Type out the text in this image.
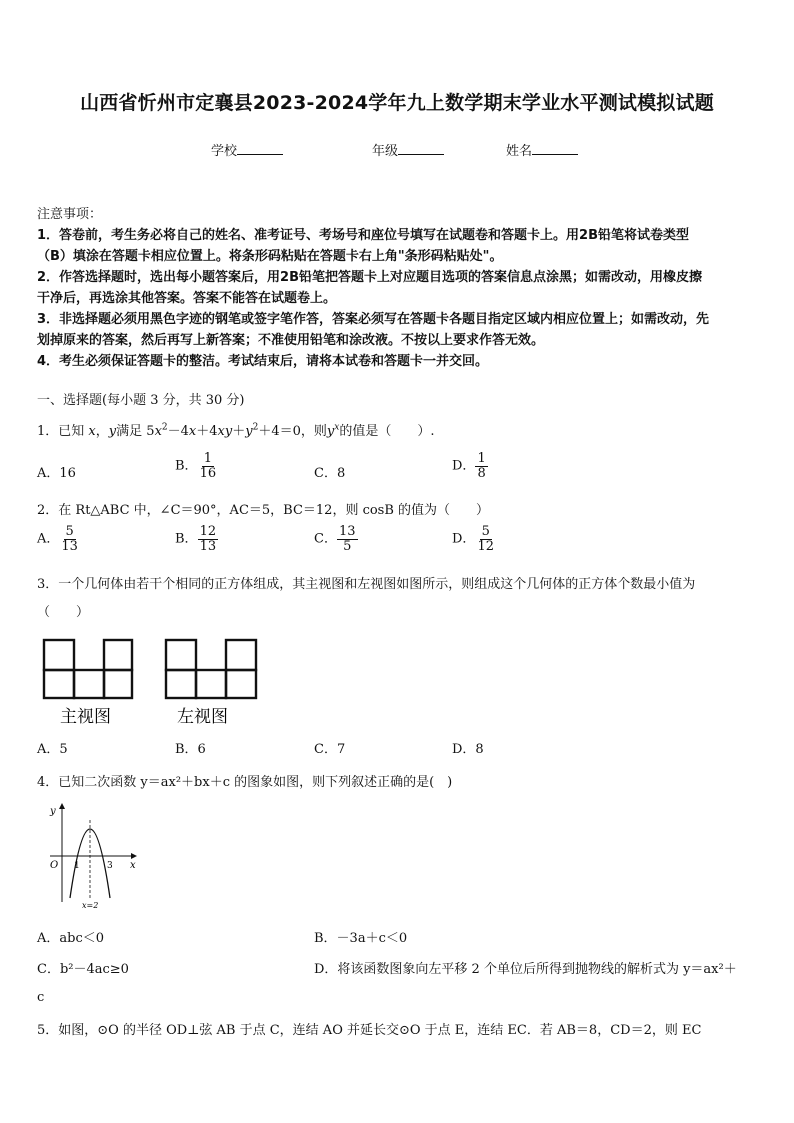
山西省忻州市定襄县2023-2024学年九上数学期末学业水平测试模拟试题
学校	年级	姓名
注意事项：
1．答卷前，考生务必将自己的姓名、准考证号、考场号和座位号填写在试题卷和答题卡上。用2B铅笔将试卷类型
（B）填涂在答题卡相应位置上。将条形码粘贴在答题卡右上角"条形码粘贴处"。
2．作答选择题时，选出每小题答案后，用2B铅笔把答题卡上对应题目选项的答案信息点涂黑；如需改动，用橡皮擦
干净后，再选涂其他答案。答案不能答在试题卷上。
3．非选择题必须用黑色字迹的钢笔或签字笔作答，答案必须写在答题卡各题目指定区域内相应位置上；如需改动，先
划掉原来的答案，然后再写上新答案；不准使用铅笔和涂改液。不按以上要求作答无效。
4．考生必须保证答题卡的整洁。考试结束后，请将本试卷和答题卡一并交回。
一、选择题(每小题 3 分，共 30 分)
1．已知 x，y满足 $5x^2-4x+4xy+y^2+4=0$，则$y^x$的值是（　　）.
A．16	B． $\frac{1}{16}$	C．8	D． $\frac{1}{8}$
2．在 Rt△ABC 中，∠C＝90°，AC＝5，BC＝12，则 cosB 的值为（　　）
A． $\frac{5}{13}$	B． $\frac{12}{13}$	C． $\frac{13}{5}$	D． $\frac{5}{12}$
3．一个几何体由若干个相同的正方体组成，其主视图和左视图如图所示，则组成这个几何体的正方体个数最小值为
（　　）
主视图	左视图
A．5	B．6	C．7	D．8
4．已知二次函数 y＝ax²＋bx＋c 的图象如图，则下列叙述正确的是(　)
y
x
O 1	3
x=2
A．abc＜0	B．－3a＋c＜0
C．b²－4ac≥0	D．将该函数图象向左平移 2 个单位后所得到抛物线的解析式为 y＝ax²＋
c
5．如图，⊙O 的半径 OD⊥弦 AB 于点 C，连结 AO 并延长交⊙O 于点 E，连结 EC．若 AB＝8，CD＝2，则 EC
